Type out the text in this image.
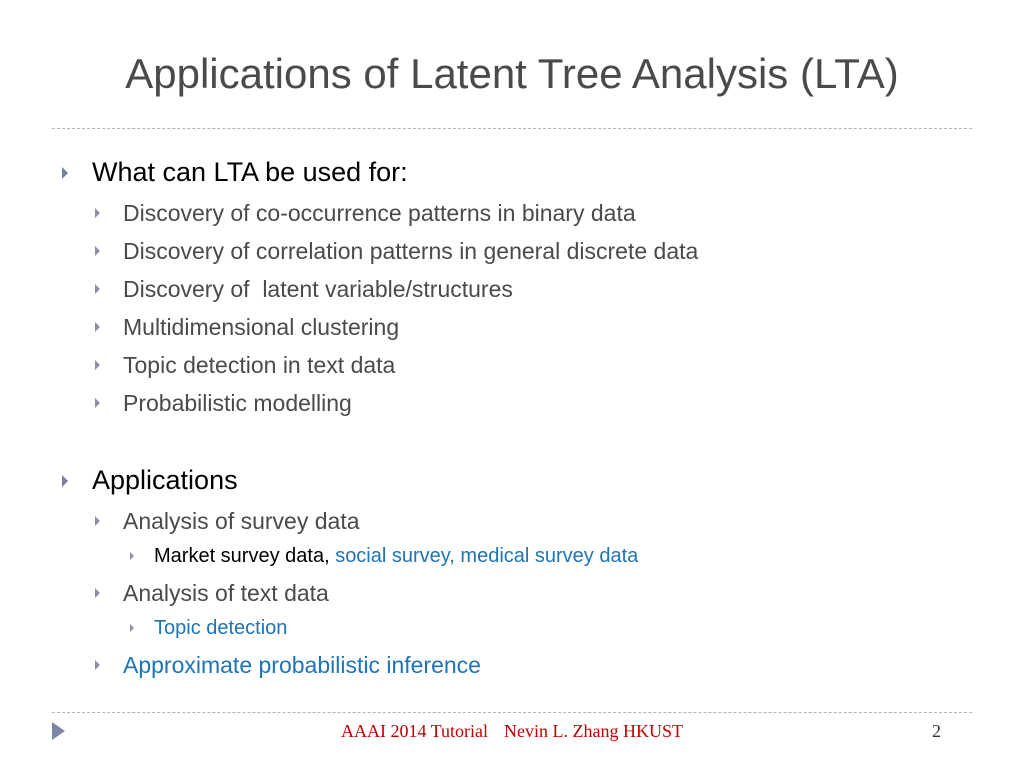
Applications of Latent Tree Analysis (LTA)
What can LTA be used for:
Discovery of co-occurrence patterns in binary data
Discovery of correlation patterns in general discrete data
Discovery of  latent variable/structures
Multidimensional clustering
Topic detection in text data
Probabilistic modelling
Applications
Analysis of survey data
Market survey data, social survey, medical survey data
Analysis of text data
Topic detection
Approximate probabilistic inference
AAAI 2014 Tutorial Nevin L. Zhang HKUST	2
